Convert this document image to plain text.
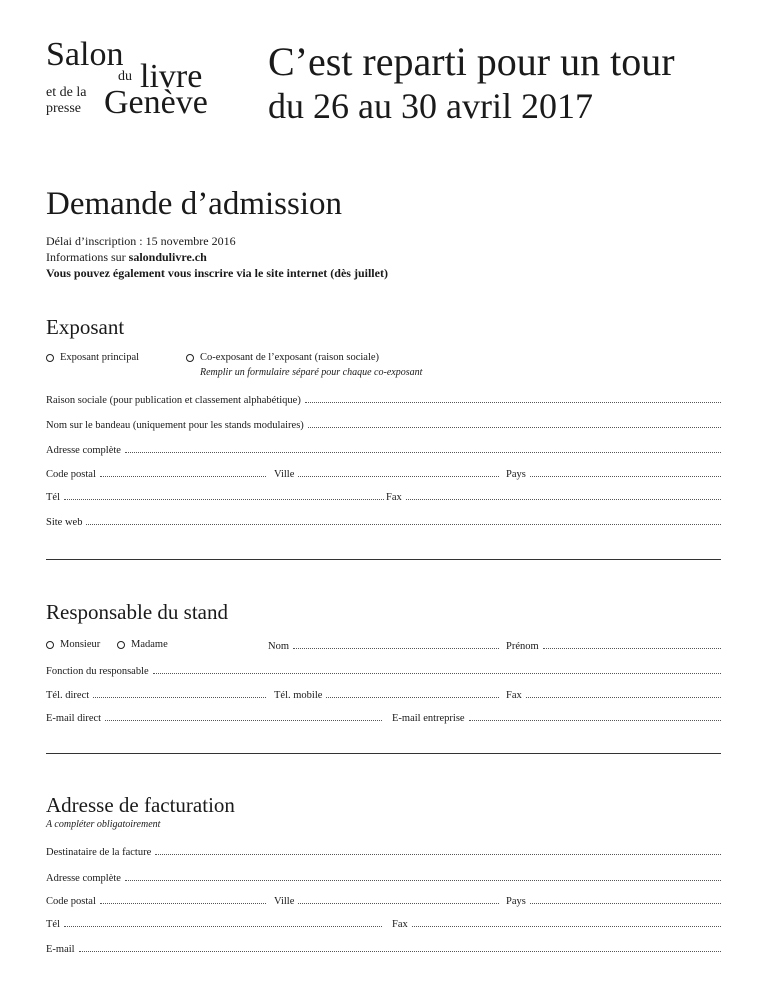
Salon
du livre
et de la
presse Genève
C’est reparti pour un tour
du 26 au 30 avril 2017
Demande d’admission
Délai d’inscription : 15 novembre 2016
Informations sur salondulivre.ch
Vous pouvez également vous inscrire via le site internet (dès juillet)
Exposant
Exposant principal	Co-exposant de l’exposant (raison sociale)
Remplir un formulaire séparé pour chaque co-exposant
Raison sociale (pour publication et classement alphabétique)
Nom sur le bandeau (uniquement pour les stands modulaires)
Adresse complète
Code postal	Ville	Pays
Tél	Fax
Site web
Responsable du stand
Monsieur	Madame	Nom	Prénom
Fonction du responsable
Tél. direct	Tél. mobile	Fax
E-mail direct	E-mail entreprise
Adresse de facturation
A compléter obligatoirement
Destinataire de la facture
Adresse complète
Code postal	Ville	Pays
Tél	Fax
E-mail
